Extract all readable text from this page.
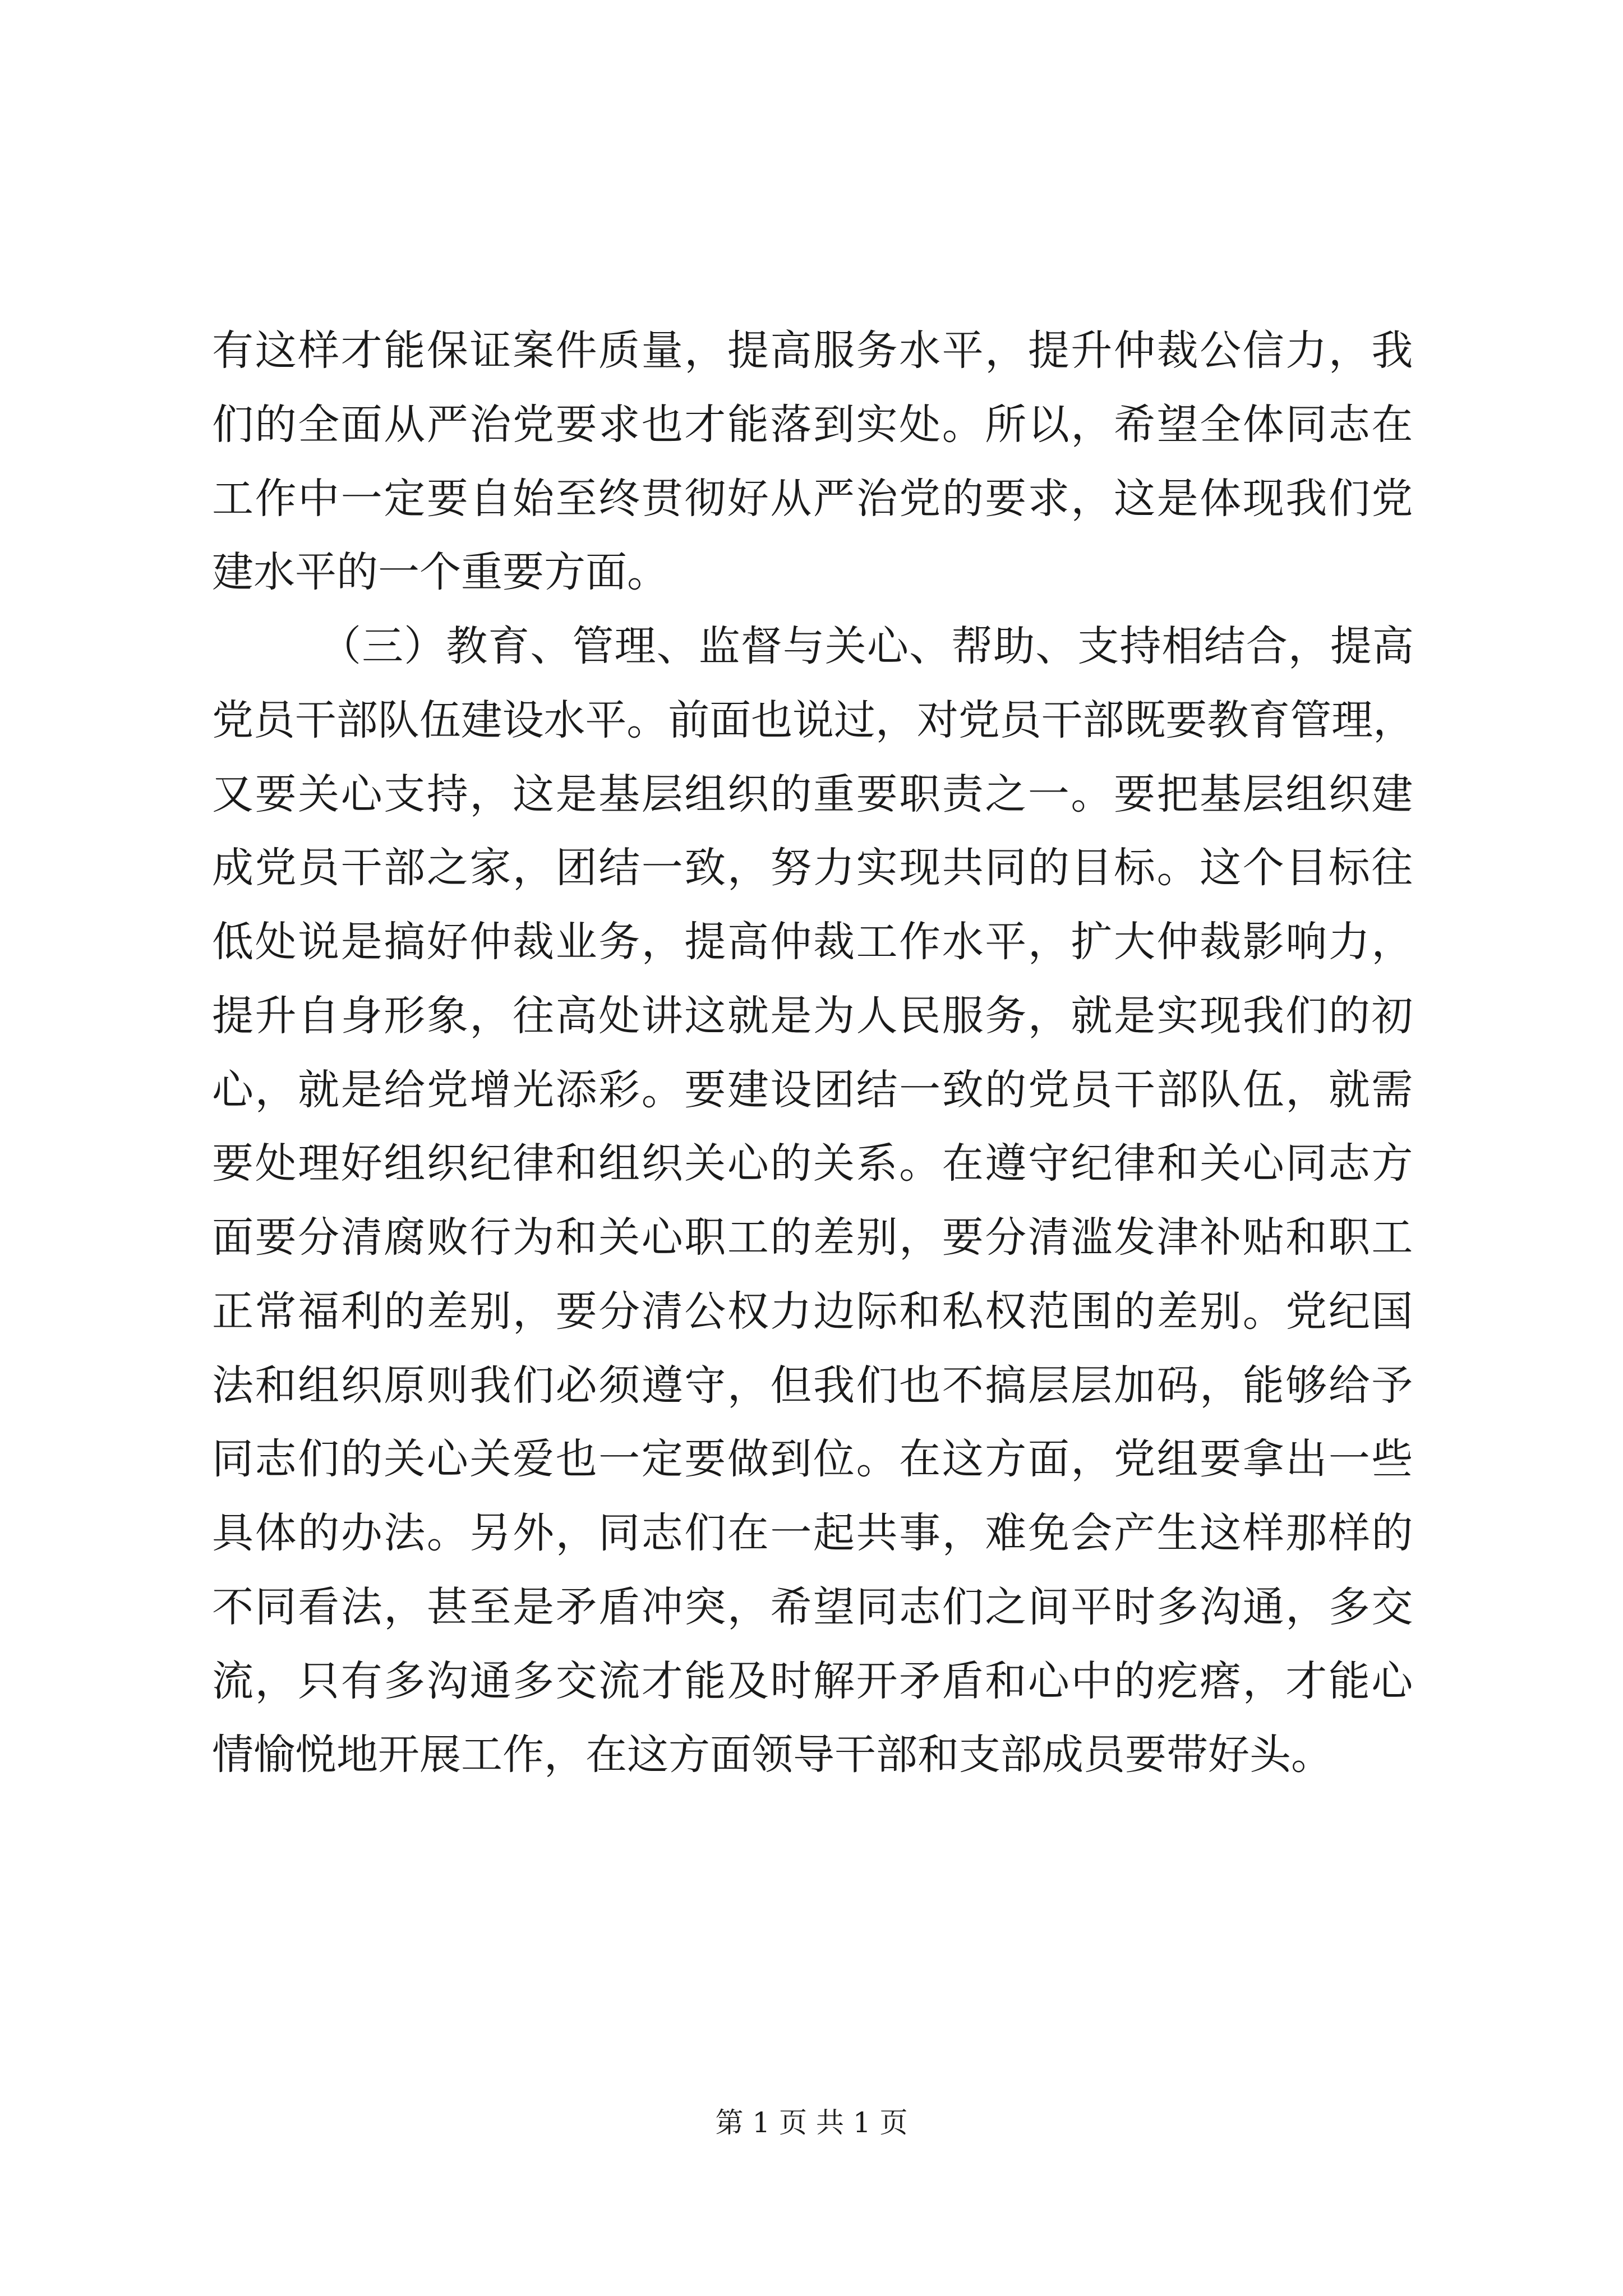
有这样才能保证案件质量，提高服务水平，提升仲裁公信力，我
们的全面从严治党要求也才能落到实处。所以，希望全体同志在
工作中一定要自始至终贯彻好从严治党的要求，这是体现我们党
建水平的一个重要方面。
（三）教育、管理、监督与关心、帮助、支持相结合，提高
党员干部队伍建设水平。前面也说过，对党员干部既要教育管理，
又要关心支持，这是基层组织的重要职责之一。要把基层组织建
成党员干部之家，团结一致，努力实现共同的目标。这个目标往
低处说是搞好仲裁业务，提高仲裁工作水平，扩大仲裁影响力，
提升自身形象，往高处讲这就是为人民服务，就是实现我们的初
心，就是给党增光添彩。要建设团结一致的党员干部队伍，就需
要处理好组织纪律和组织关心的关系。在遵守纪律和关心同志方
面要分清腐败行为和关心职工的差别，要分清滥发津补贴和职工
正常福利的差别，要分清公权力边际和私权范围的差别。党纪国
法和组织原则我们必须遵守，但我们也不搞层层加码，能够给予
同志们的关心关爱也一定要做到位。在这方面，党组要拿出一些
具体的办法。另外，同志们在一起共事，难免会产生这样那样的
不同看法，甚至是矛盾冲突，希望同志们之间平时多沟通，多交
流，只有多沟通多交流才能及时解开矛盾和心中的疙瘩，才能心
情愉悦地开展工作，在这方面领导干部和支部成员要带好头。
第 1 页 共 1 页
